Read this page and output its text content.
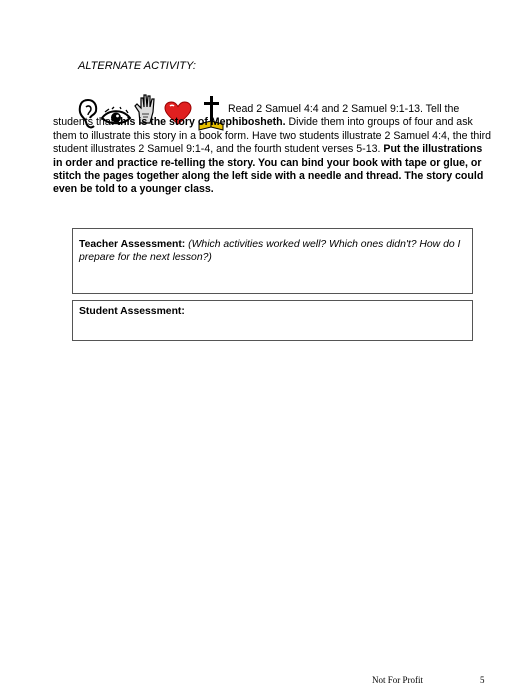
ALTERNATE ACTIVITY:
Read 2 Samuel 4:4 and 2 Samuel 9:1-13. Tell the students that this is the story of Mephibosheth. Divide them into groups of four and ask them to illustrate this story in a book form. Have two students illustrate 2 Samuel 4:4, the third student illustrates 2 Samuel 9:1-4, and the fourth student verses 5-13. Put the illustrations in order and practice re-telling the story. You can bind your book with tape or glue, or stitch the pages together along the left side with a needle and thread. The story could even be told to a younger class.
Teacher Assessment: (Which activities worked well? Which ones didn't? How do I prepare for the next lesson?)
Student Assessment:
Not For Profit	5
